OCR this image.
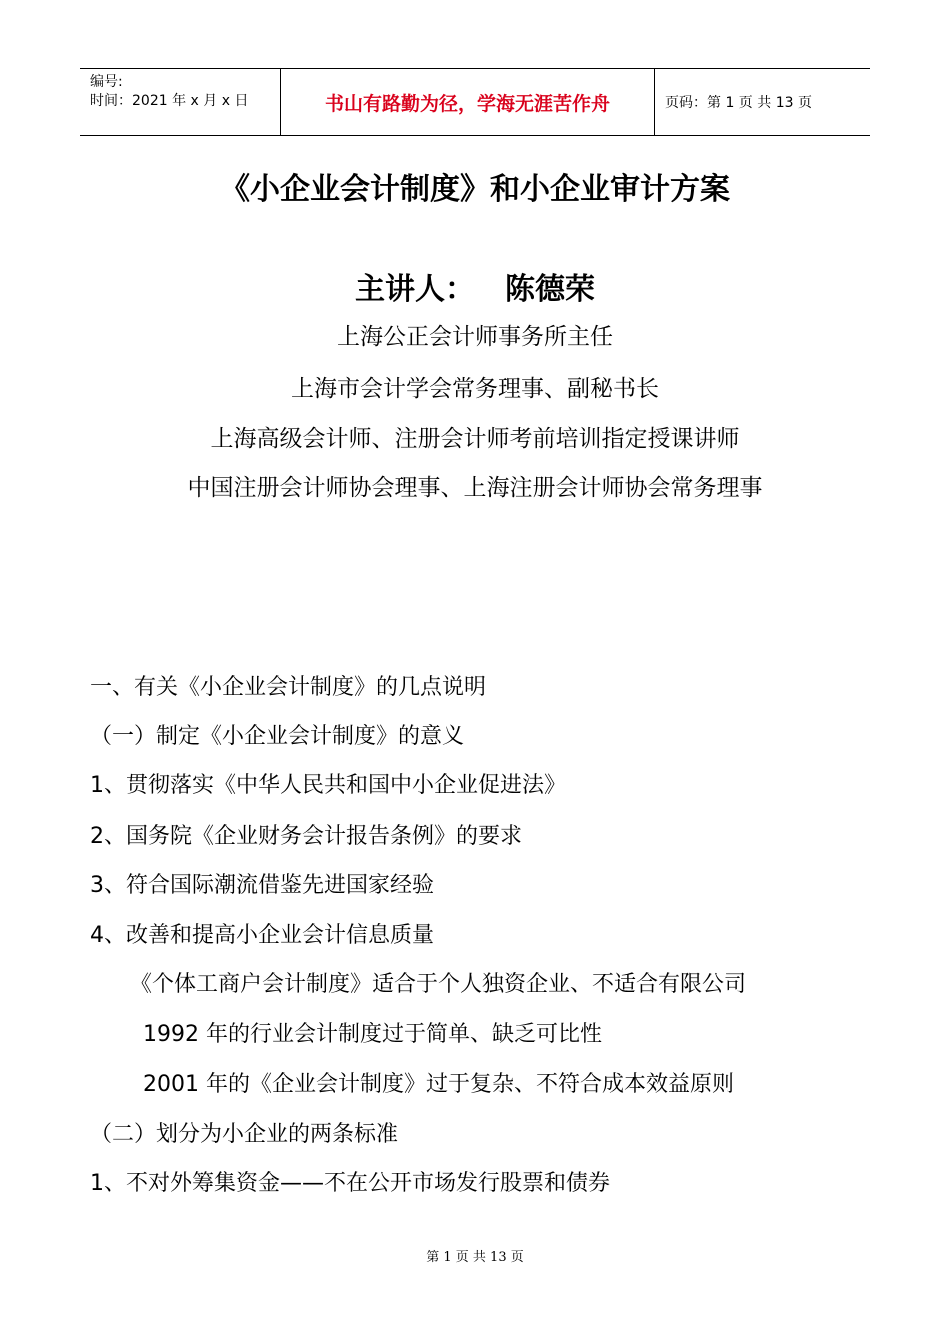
编号:
时间：2021 年 x 月 x 日	书山有路勤为径，学海无涯苦作舟	页码：第 1 页 共 13 页
《小企业会计制度》和小企业审计方案
主讲人： 陈德荣
上海公正会计师事务所主任
上海市会计学会常务理事、副秘书长
上海高级会计师、注册会计师考前培训指定授课讲师
中国注册会计师协会理事、上海注册会计师协会常务理事
一、有关《小企业会计制度》的几点说明
（一）制定《小企业会计制度》的意义
1、贯彻落实《中华人民共和国中小企业促进法》
2、国务院《企业财务会计报告条例》的要求
3、符合国际潮流借鉴先进国家经验
4、改善和提高小企业会计信息质量
《个体工商户会计制度》适合于个人独资企业、不适合有限公司
1992 年的行业会计制度过于简单、缺乏可比性
2001 年的《企业会计制度》过于复杂、不符合成本效益原则
（二）划分为小企业的两条标准
1、不对外筹集资金——不在公开市场发行股票和债券
第 1 页 共 13 页
